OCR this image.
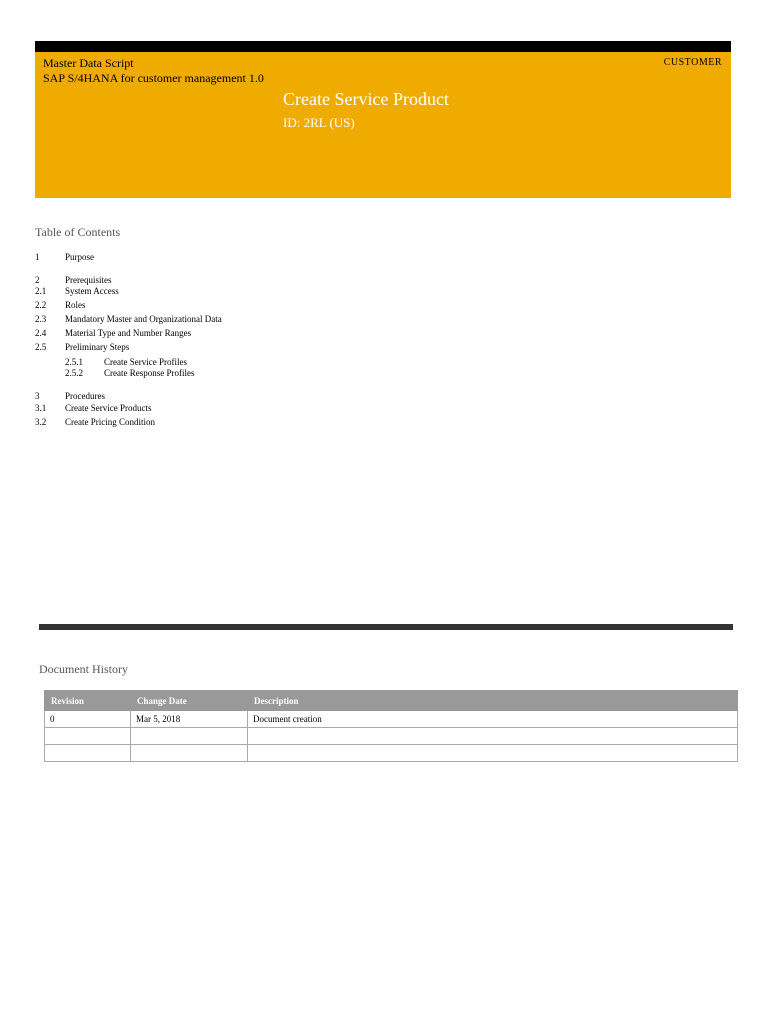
Master Data Script
SAP S/4HANA for customer management 1.0
CUSTOMER
Create Service Product
ID: 2RL (US)
Table of Contents
1	Purpose
2	Prerequisites
2.1 System Access
2.2 Roles
2.3 Mandatory Master and Organizational Data
2.4 Material Type and Number Ranges
2.5 Preliminary Steps
2.5.1 Create Service Profiles
2.5.2 Create Response Profiles
3	Procedures
3.1 Create Service Products
3.2 Create Pricing Condition
Document History
Revision	Change Date	Description
0	Mar 5, 2018	Document creation
